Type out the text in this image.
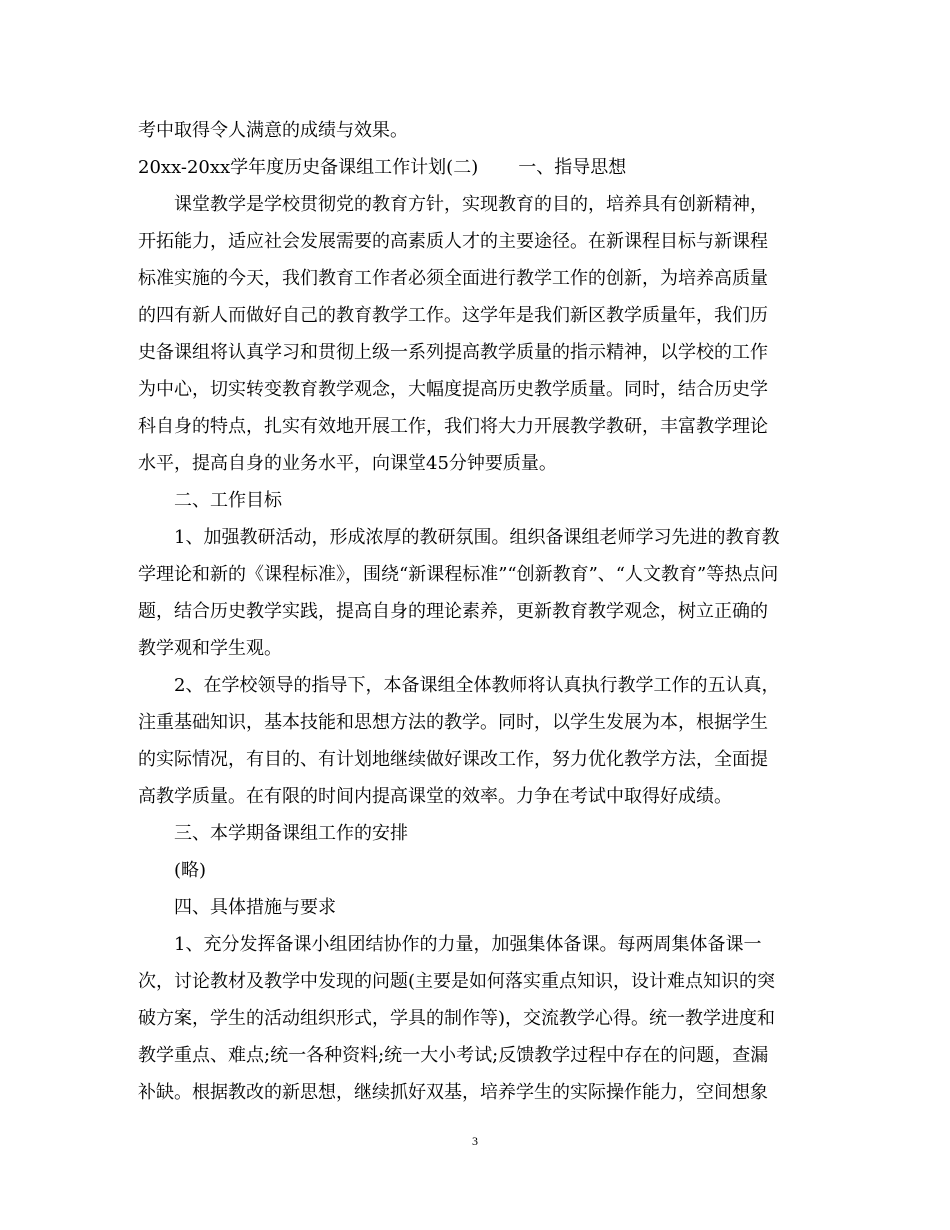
考中取得令人满意的成绩与效果。
20xx-20xx学年度历史备课组工作计划(二) 一、指导思想
课堂教学是学校贯彻党的教育方针，实现教育的目的，培养具有创新精神，
开拓能力，适应社会发展需要的高素质人才的主要途径。在新课程目标与新课程
标准实施的今天，我们教育工作者必须全面进行教学工作的创新，为培养高质量
的四有新人而做好自己的教育教学工作。这学年是我们新区教学质量年，我们历
史备课组将认真学习和贯彻上级一系列提高教学质量的指示精神，以学校的工作
为中心，切实转变教育教学观念，大幅度提高历史教学质量。同时，结合历史学
科自身的特点，扎实有效地开展工作，我们将大力开展教学教研，丰富教学理论
水平，提高自身的业务水平，向课堂45分钟要质量。
二、工作目标
1、加强教研活动，形成浓厚的教研氛围。组织备课组老师学习先进的教育教
学理论和新的《课程标准》，围绕“新课程标准”“创新教育”、“人文教育”等热点问
题，结合历史教学实践，提高自身的理论素养，更新教育教学观念，树立正确的
教学观和学生观。
2、在学校领导的指导下，本备课组全体教师将认真执行教学工作的五认真，
注重基础知识，基本技能和思想方法的教学。同时，以学生发展为本，根据学生
的实际情况，有目的、有计划地继续做好课改工作，努力优化教学方法，全面提
高教学质量。在有限的时间内提高课堂的效率。力争在考试中取得好成绩。
三、本学期备课组工作的安排
(略)
四、具体措施与要求
1、充分发挥备课小组团结协作的力量，加强集体备课。每两周集体备课一
次，讨论教材及教学中发现的问题(主要是如何落实重点知识，设计难点知识的突
破方案，学生的活动组织形式，学具的制作等)，交流教学心得。统一教学进度和
教学重点、难点;统一各种资料;统一大小考试;反馈教学过程中存在的问题，查漏
补缺。根据教改的新思想，继续抓好双基，培养学生的实际操作能力，空间想象
3
